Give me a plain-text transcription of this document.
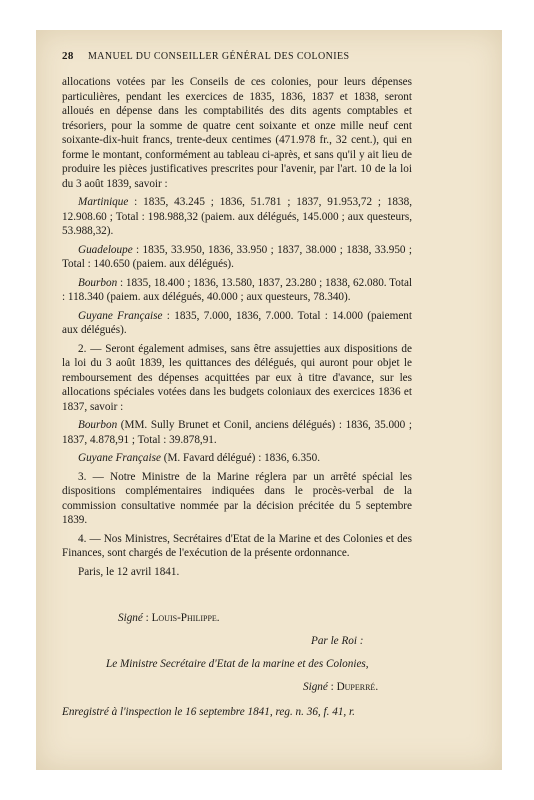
28 MANUEL DU CONSEILLER GÉNÉRAL DES COLONIES

allocations votées par les Conseils de ces colonies, pour leurs dépenses particulières, pendant les exercices de 1835, 1836, 1837 et 1838, seront alloués en dépense dans les comptabilités des dits agents comptables et trésoriers, pour la somme de quatre cent soixante et onze mille neuf cent soixante-dix-huit francs, trente-deux centimes (471.978 fr., 32 cent.), qui en forme le montant, conformément au tableau ci-après, et sans qu'il y ait lieu de produire les pièces justificatives prescrites pour l'avenir, par l'art. 10 de la loi du 3 août 1839, savoir :

Martinique : 1835, 43.245 ; 1836, 51.781 ; 1837, 91.953,72 ; 1838, 12.908.60 ; Total : 198.988,32 (paiem. aux délégués, 145.000 ; aux questeurs, 53.988,32).

Guadeloupe : 1835, 33.950, 1836, 33.950 ; 1837, 38.000 ; 1838, 33.950 ; Total : 140.650 (paiem. aux délégués).

Bourbon : 1835, 18.400 ; 1836, 13.580, 1837, 23.280 ; 1838, 62.080. Total : 118.340 (paiem. aux délégués, 40.000 ; aux questeurs, 78.340).

Guyane Française : 1835, 7.000, 1836, 7.000. Total : 14.000 (paiement aux délégués).

2. — Seront également admises, sans être assujetties aux dispositions de la loi du 3 août 1839, les quittances des délégués, qui auront pour objet le remboursement des dépenses acquittées par eux à titre d'avance, sur les allocations spéciales votées dans les budgets coloniaux des exercices 1836 et 1837, savoir :

Bourbon (MM. Sully Brunet et Conil, anciens délégués) : 1836, 35.000 ; 1837, 4.878,91 ; Total : 39.878,91.

Guyane Française (M. Favard délégué) : 1836, 6.350.

3. — Notre Ministre de la Marine réglera par un arrêté spécial les dispositions complémentaires indiquées dans le procès-verbal de la commission consultative nommée par la décision précitée du 5 septembre 1839.

4. — Nos Ministres, Secrétaires d'Etat de la Marine et des Colonies et des Finances, sont chargés de l'exécution de la présente ordonnance.

Paris, le 12 avril 1841.

Signé : Louis-Philippe.
Par le Roi :
Le Ministre Secrétaire d'Etat de la marine et des Colonies,
Signé : Duperré.
Enregistré à l'inspection le 16 septembre 1841, reg. n. 36, f. 41, r.
